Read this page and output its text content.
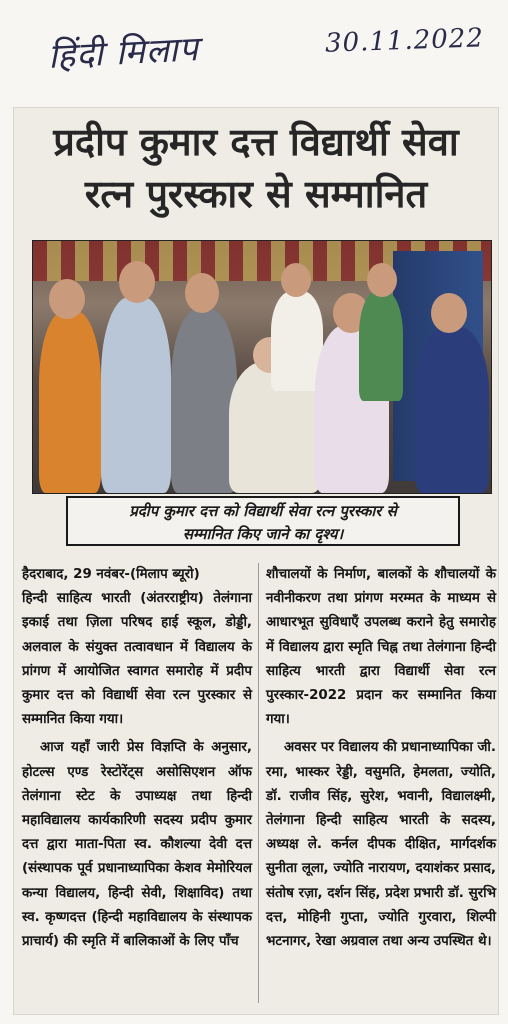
हिंदी मिलाप	30.11.2022
प्रदीप कुमार दत्त विद्यार्थी सेवा
रत्न पुरस्कार से सम्मानित
प्रदीप कुमार दत्त को विद्यार्थी सेवा रत्न पुरस्कार से
सम्मानित किए जाने का दृश्य।

हैदराबाद, 29 नवंबर-(मिलाप ब्यूरो)
हिन्दी साहित्य भारती (अंतरराष्ट्रीय) तेलंगाना इकाई तथा ज़िला परिषद हाई स्कूल, डोड्डी, अलवाल के संयुक्त तत्वावधान में विद्यालय के प्रांगण में आयोजित स्वागत समारोह में प्रदीप कुमार दत्त को विद्यार्थी सेवा रत्न पुरस्कार से सम्मानित किया गया।

आज यहाँ जारी प्रेस विज्ञप्ति के अनुसार, होटल्स एण्ड रेस्टोरेंट्स असोसिएशन ऑफ तेलंगाना स्टेट के उपाध्यक्ष तथा हिन्दी महाविद्यालय कार्यकारिणी सदस्य प्रदीप कुमार दत्त द्वारा माता-पिता स्व. कौशल्या देवी दत्त (संस्थापक पूर्व प्रधानाध्यापिका केशव मेमोरियल कन्या विद्यालय, हिन्दी सेवी, शिक्षाविद) तथा स्व. कृष्णदत्त (हिन्दी महाविद्यालय के संस्थापक प्राचार्य) की स्मृति में बालिकाओं के लिए पाँच

शौचालयों के निर्माण, बालकों के शौचालयों के नवीनीकरण तथा प्रांगण मरम्मत के माध्यम से आधारभूत सुविधाएँ उपलब्ध कराने हेतु समारोह में विद्यालय द्वारा स्मृति चिह्न तथा तेलंगाना हिन्दी साहित्य भारती द्वारा विद्यार्थी सेवा रत्न पुरस्कार-2022 प्रदान कर सम्मानित किया गया।

अवसर पर विद्यालय की प्रधानाध्यापिका जी. रमा, भास्कर रेड्डी, वसुमति, हेमलता, ज्योति, डॉ. राजीव सिंह, सुरेश, भवानी, विद्यालक्ष्मी, तेलंगाना हिन्दी साहित्य भारती के सदस्य, अध्यक्ष ले. कर्नल दीपक दीक्षित, मार्गदर्शक सुनीता लूला, ज्योति नारायण, दयाशंकर प्रसाद, संतोष रज़ा, दर्शन सिंह, प्रदेश प्रभारी डॉ. सुरभि दत्त, मोहिनी गुप्ता, ज्योति गुरवारा, शिल्पी भटनागर, रेखा अग्रवाल तथा अन्य उपस्थित थे।
